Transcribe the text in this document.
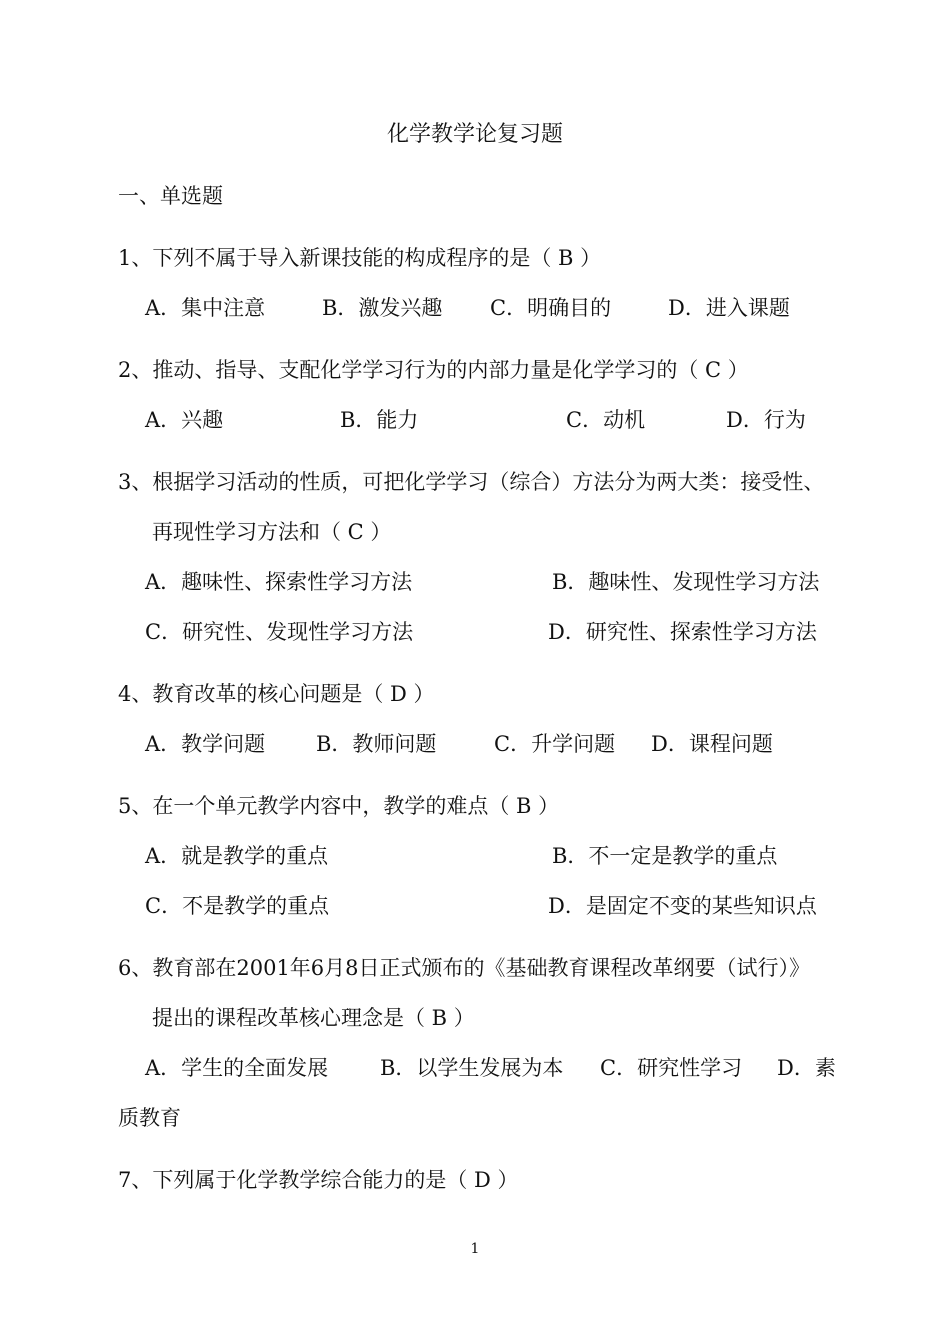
化学教学论复习题
一、单选题
1、下列不属于导入新课技能的构成程序的是（ B ）
A．集中注意	B．激发兴趣 C．明确目的	D．进入课题
2、推动、指导、支配化学学习行为的内部力量是化学学习的（ C ）
A．兴趣	B．能力	C．动机	D．行为
3、根据学习活动的性质，可把化学学习（综合）方法分为两大类：接受性、
再现性学习方法和（ C ）
A．趣味性、探索性学习方法	B．趣味性、发现性学习方法
C．研究性、发现性学习方法	D．研究性、探索性学习方法
4、教育改革的核心问题是（ D ）
A．教学问题 B．教师问题	C．升学问题 D．课程问题
5、在一个单元教学内容中，教学的难点（ B ）
A．就是教学的重点	B．不一定是教学的重点
C．不是教学的重点	D．是固定不变的某些知识点
6、教育部在2001年6月8日正式颁布的《基础教育课程改革纲要（试行）》
提出的课程改革核心理念是（ B ）
A．学生的全面发展 B．以学生发展为本 C．研究性学习 D．素
质教育
7、下列属于化学教学综合能力的是（ D ）
1
